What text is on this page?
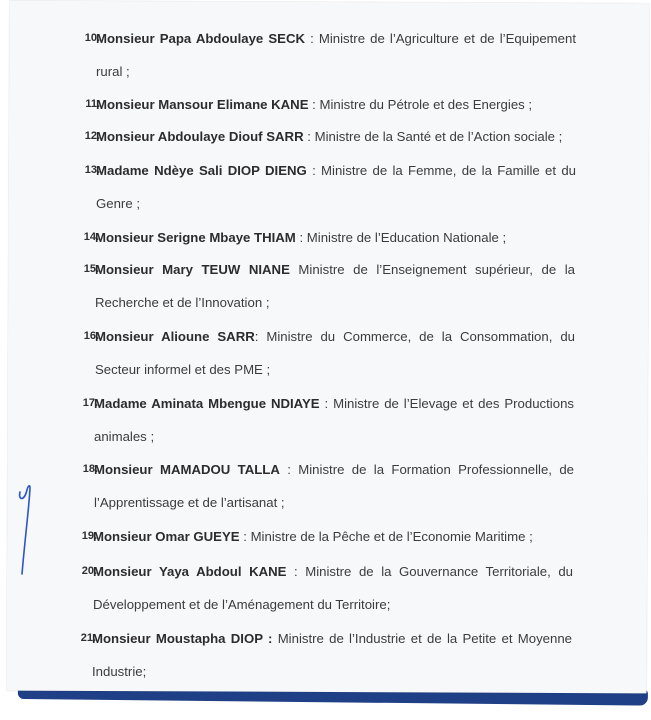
10.
Monsieur Papa Abdoulaye SECK : Ministre de l’Agriculture et de l’Equipement rural ;
11.
Monsieur Mansour Elimane KANE : Ministre du Pétrole et des Energies ;
12.
Monsieur Abdoulaye Diouf SARR : Ministre de la Santé et de l’Action sociale ;
13.
Madame Ndèye Sali DIOP DIENG : Ministre de la Femme, de la Famille et du Genre ;
14.
Monsieur Serigne Mbaye THIAM : Ministre de l’Education Nationale ;
15.
Monsieur Mary TEUW NIANE Ministre de l’Enseignement supérieur, de la Recherche et de l’Innovation ;
16.
Monsieur Alioune SARR: Ministre du Commerce, de la Consommation, du Secteur informel et des PME ;
17.
Madame Aminata Mbengue NDIAYE : Ministre de l’Elevage et des Productions animales ;
18.
Monsieur MAMADOU TALLA : Ministre de la Formation Professionnelle, de l’Apprentissage et de l’artisanat ;
19.
Monsieur Omar GUEYE : Ministre de la Pêche et de l’Economie Maritime ;
20.
Monsieur Yaya Abdoul KANE : Ministre de la Gouvernance Territoriale, du Développement et de l’Aménagement du Territoire;
21.
Monsieur Moustapha DIOP : Ministre de l’Industrie et de la Petite et Moyenne Industrie;
